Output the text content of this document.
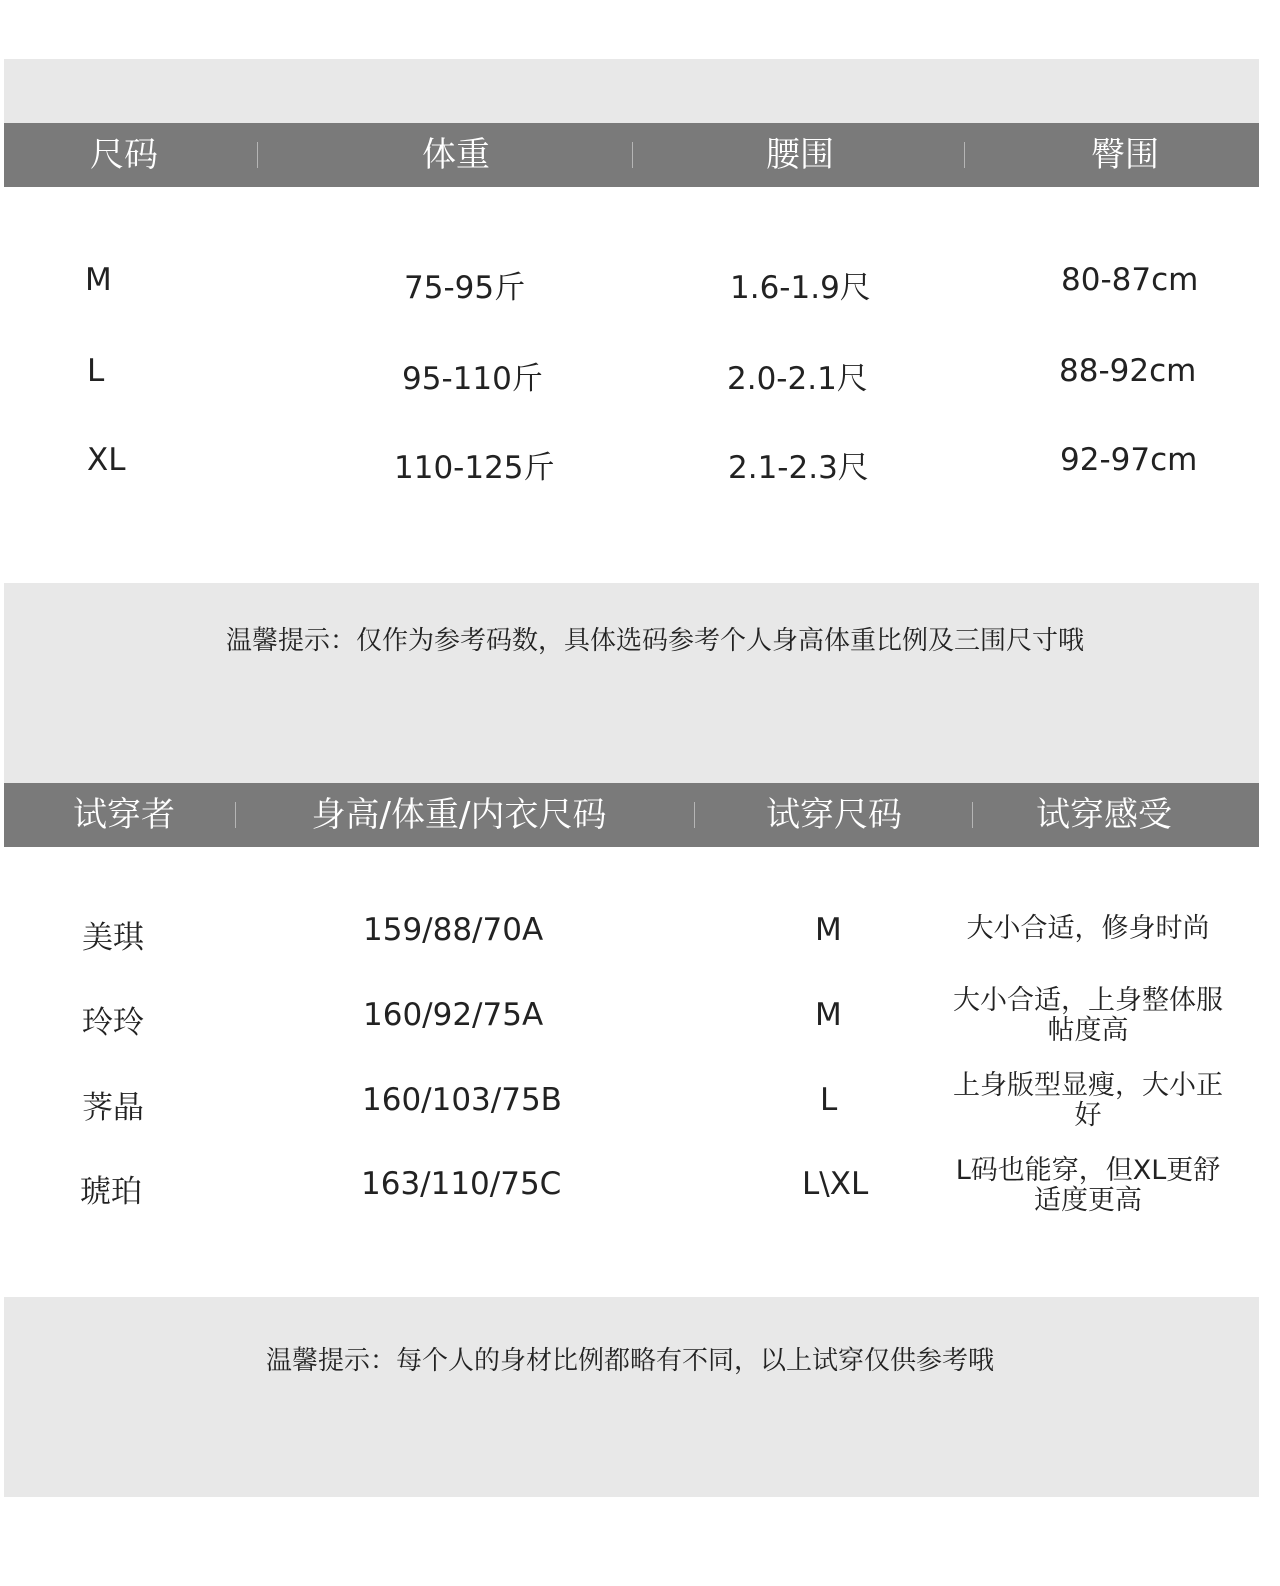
尺码	体重	腰围	臀围
M	75-95斤	1.6-1.9尺	80-87cm
L	95-110斤	2.0-2.1尺	88-92cm
XL	110-125斤	2.1-2.3尺	92-97cm
温馨提示：仅作为参考码数，具体选码参考个人身高体重比例及三围尺寸哦
试穿者	身高/体重/内衣尺码	试穿尺码	试穿感受
美琪	159/88/70A	M	大小合适，修身时尚
玲玲	160/92/75A	M	大小合适，上身整体服帖度高
荠晶	160/103/75B	L	上身版型显瘦，大小正好
琥珀	163/110/75C	L\XL	L码也能穿，但XL更舒适度更高
温馨提示：每个人的身材比例都略有不同，以上试穿仅供参考哦
